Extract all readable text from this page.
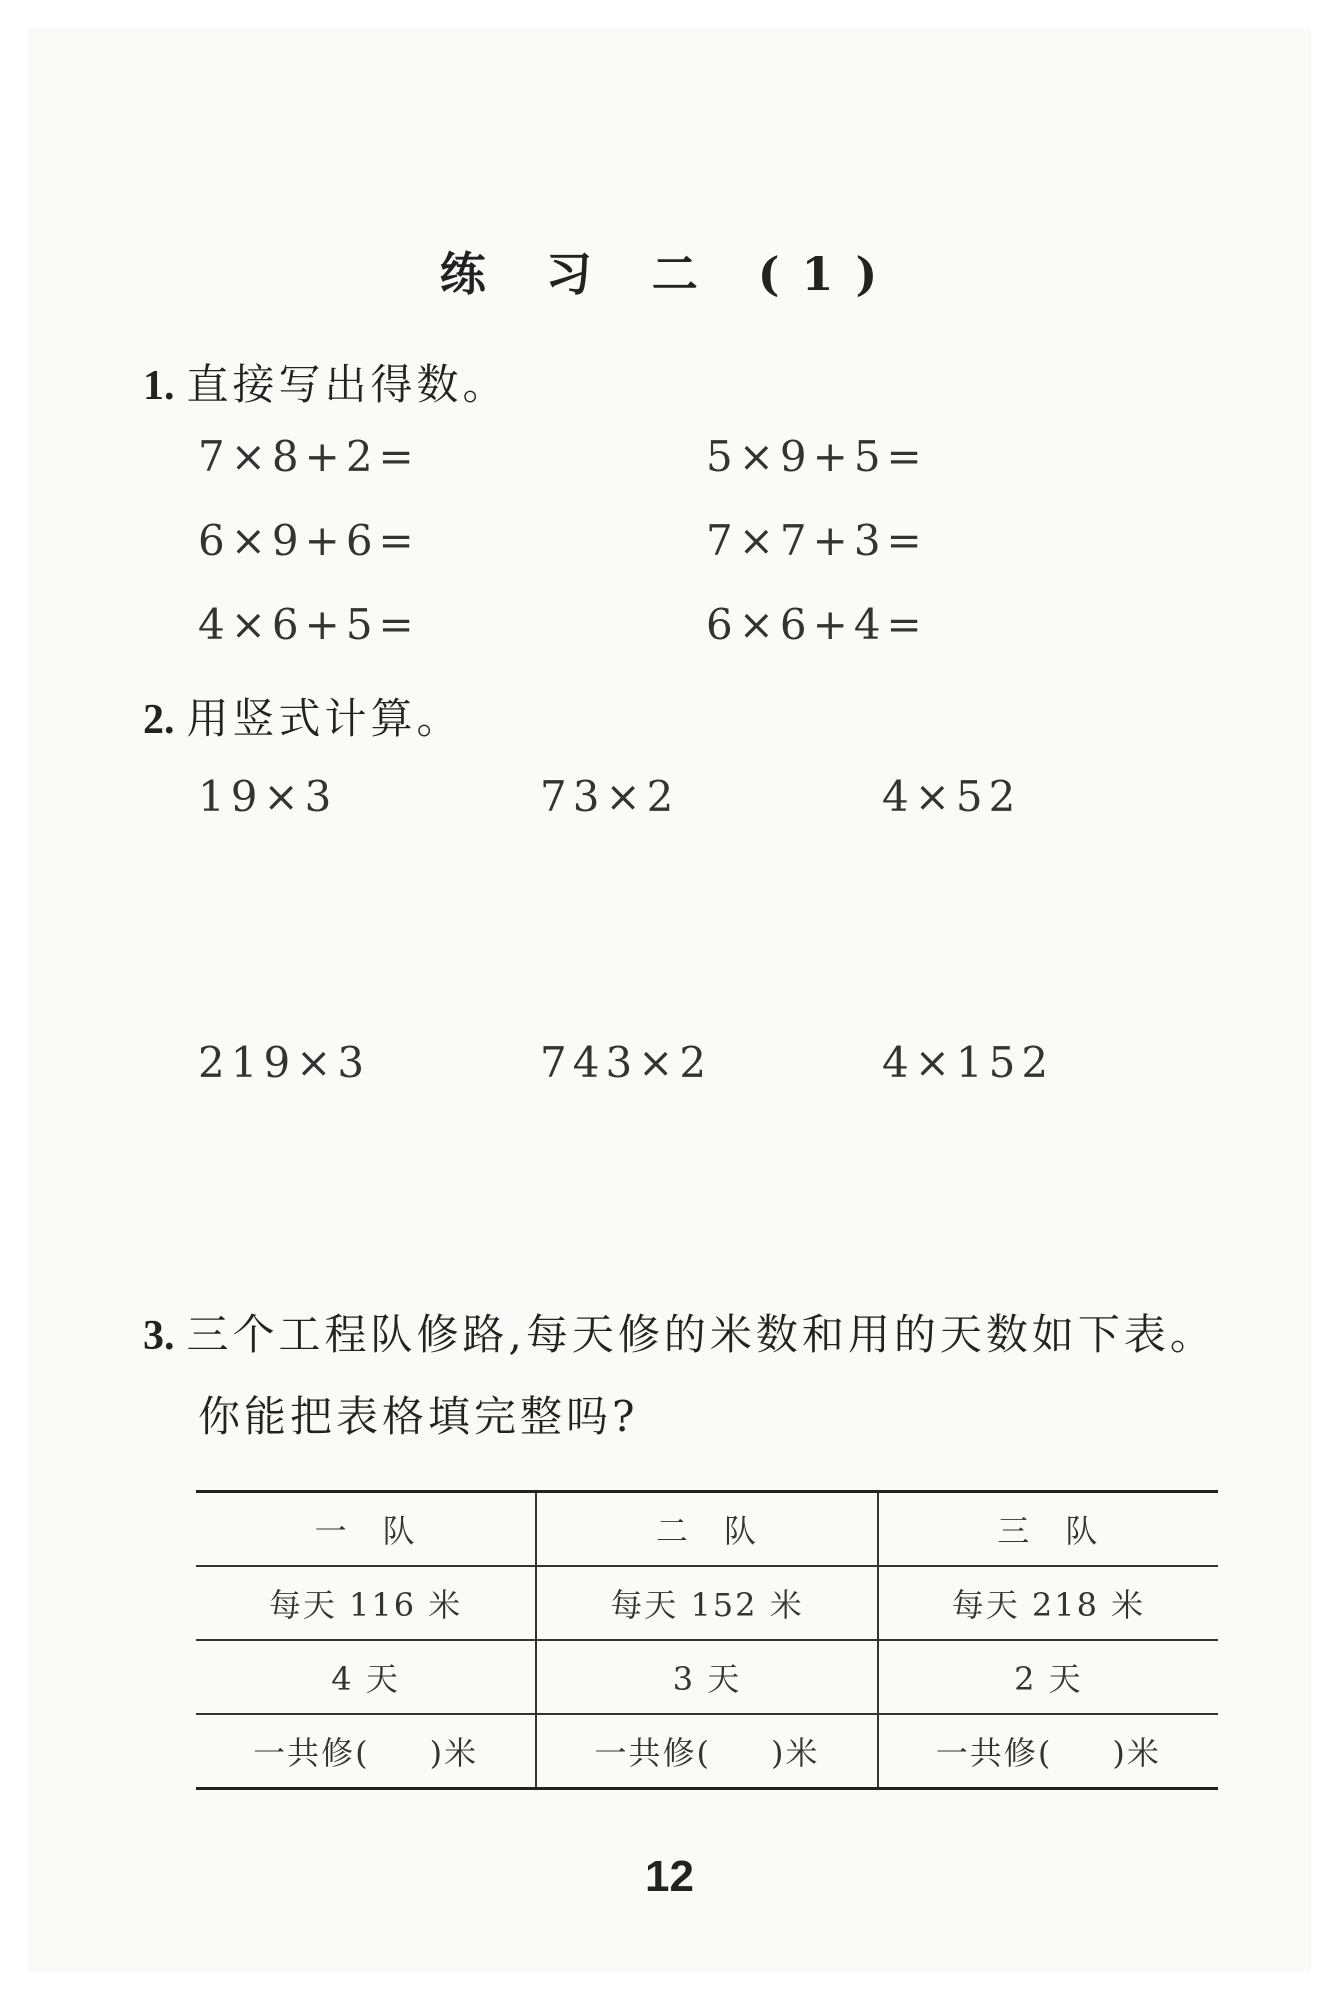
练 习 二 (1)
1. 直接写出得数。
7×8+2=	5×9+5=
6×9+6=	7×7+3=
4×6+5=	6×6+4=
2. 用竖式计算。
19×3	73×2	4×52
219×3	743×2	4×152
3. 三个工程队修路,每天修的米数和用的天数如下表。
你能把表格填完整吗?
一　队	二　队	三　队
每天 116 米	每天 152 米	每天 218 米
4 天	3 天	2 天
一共修( )米	一共修( )米	一共修( )米
12
